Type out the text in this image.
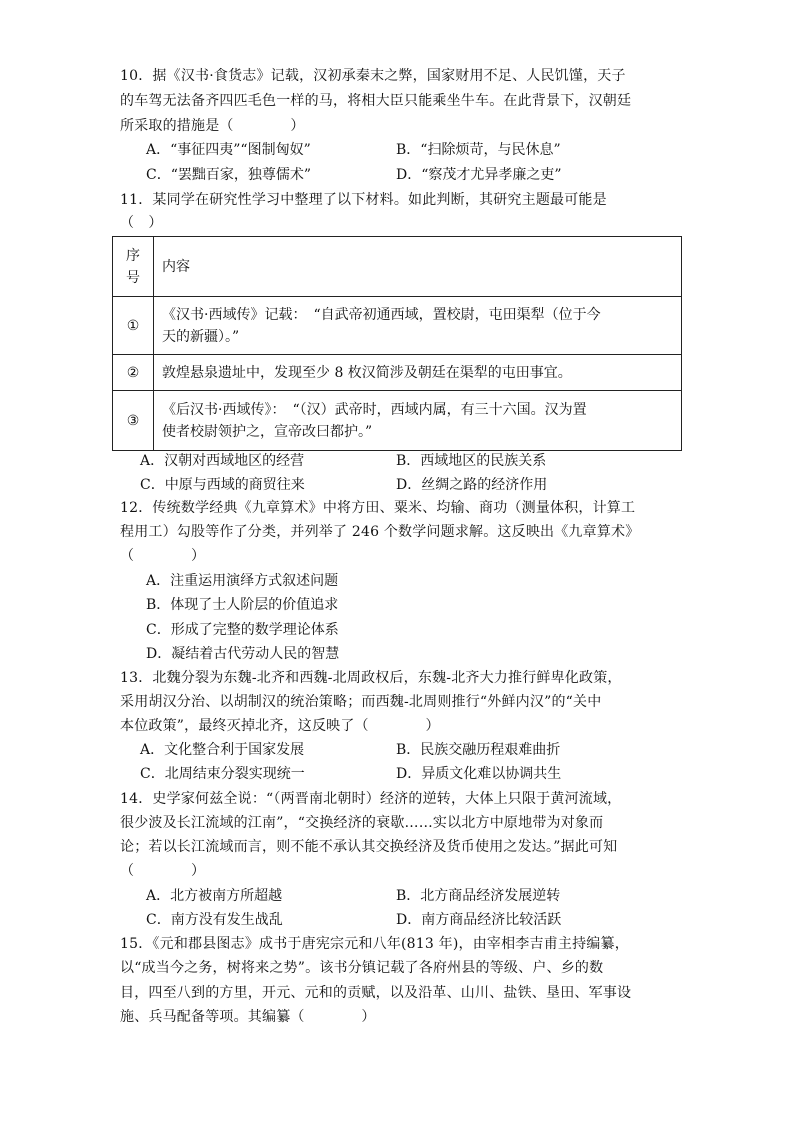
10．据《汉书·食货志》记载，汉初承秦末之弊，国家财用不足、人民饥馑，天子
的车驾无法备齐四匹毛色一样的马，将相大臣只能乘坐牛车。在此背景下，汉朝廷
所采取的措施是（　　　　）
A．“事征四夷”“图制匈奴”	B．“扫除烦苛，与民休息”
C．“罢黜百家，独尊儒术”	D．“察茂才尤异孝廉之吏”
11．某同学在研究性学习中整理了以下材料。如此判断，其研究主题最可能是
（　）
序
号	内容
①	《汉书·西域传》记载：　“自武帝初通西域，置校尉，屯田渠犁（位于今
天的新疆）。”

②	敦煌悬泉遗址中，发现至少 8 枚汉简涉及朝廷在渠犁的屯田事宜。

③	《后汉书·西域传》：　“（汉）武帝时，西域内属，有三十六国。汉为置
使者校尉领护之，宣帝改曰都护。”
A．汉朝对西域地区的经营	B．西域地区的民族关系
C．中原与西域的商贸往来	D．丝绸之路的经济作用
12．传统数学经典《九章算术》中将方田、粟米、均输、商功（测量体积，计算工
程用工）勾股等作了分类，并列举了 246 个数学问题求解。这反映出《九章算术》
（　　　　）
A．注重运用演绎方式叙述问题
B．体现了士人阶层的价值追求
C．形成了完整的数学理论体系
D．凝结着古代劳动人民的智慧
13．北魏分裂为东魏-北齐和西魏-北周政权后，东魏-北齐大力推行鲜卑化政策，
采用胡汉分治、以胡制汉的统治策略；而西魏-北周则推行“外鲜内汉”的“关中
本位政策”，最终灭掉北齐，这反映了（　　　　）
A．文化整合利于国家发展	B．民族交融历程艰难曲折
C．北周结束分裂实现统一	D．异质文化难以协调共生
14．史学家何兹全说：“（两晋南北朝时）经济的逆转，大体上只限于黄河流域，
很少波及长江流域的江南”，“交换经济的衰歇……实以北方中原地带为对象而
论；若以长江流域而言，则不能不承认其交换经济及货币使用之发达。”据此可知
（　　　　）
A．北方被南方所超越	B．北方商品经济发展逆转
C．南方没有发生战乱	D．南方商品经济比较活跃
15．《元和郡县图志》成书于唐宪宗元和八年(813 年)，由宰相李吉甫主持编纂，
以“成当今之务，树将来之势”。该书分镇记载了各府州县的等级、户、乡的数
目，四至八到的方里，开元、元和的贡赋，以及沿革、山川、盐铁、垦田、军事设
施、兵马配备等项。其编纂（　　　　）
